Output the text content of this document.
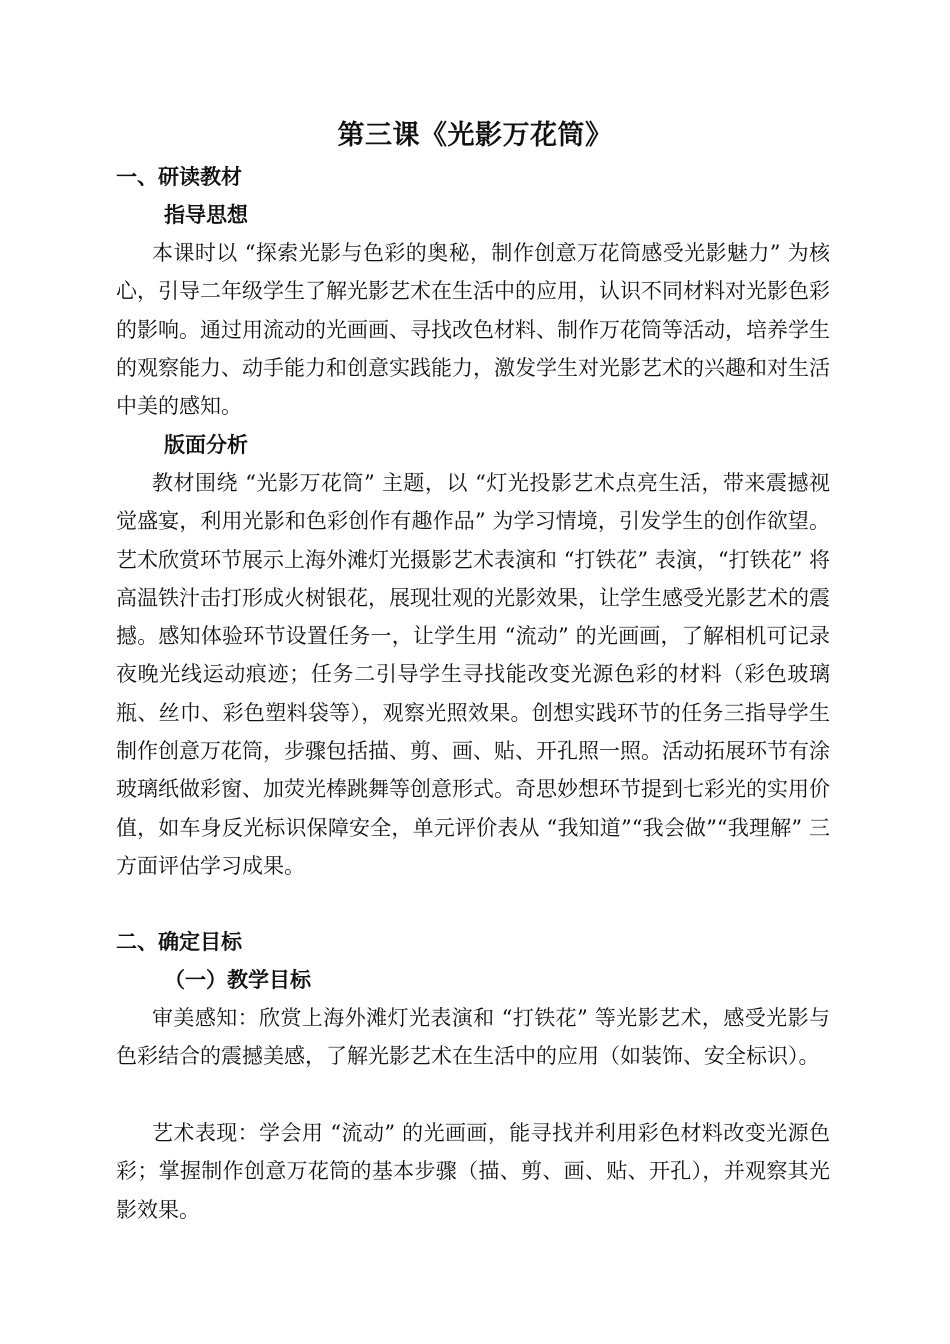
第三课《光影万花筒》
一、研读教材
指导思想

本课时以 “探索光影与色彩的奥秘，制作创意万花筒感受光影魅力” 为核心，引导二年级学生了解光影艺术在生活中的应用，认识不同材料对光影色彩的影响。通过用流动的光画画、寻找改色材料、制作万花筒等活动，培养学生的观察能力、动手能力和创意实践能力，激发学生对光影艺术的兴趣和对生活中美的感知。

版面分析

教材围绕 “光影万花筒” 主题，以 “灯光投影艺术点亮生活，带来震撼视觉盛宴，利用光影和色彩创作有趣作品” 为学习情境，引发学生的创作欲望。艺术欣赏环节展示上海外滩灯光摄影艺术表演和 “打铁花” 表演，“打铁花” 将高温铁汁击打形成火树银花，展现壮观的光影效果，让学生感受光影艺术的震撼。感知体验环节设置任务一，让学生用 “流动” 的光画画，了解相机可记录夜晚光线运动痕迹；任务二引导学生寻找能改变光源色彩的材料（彩色玻璃瓶、丝巾、彩色塑料袋等），观察光照效果。创想实践环节的任务三指导学生制作创意万花筒，步骤包括描、剪、画、贴、开孔照一照。活动拓展环节有涂玻璃纸做彩窗、加荧光棒跳舞等创意形式。奇思妙想环节提到七彩光的实用价值，如车身反光标识保障安全，单元评价表从 “我知道”“我会做”“我理解” 三方面评估学习成果。

二、确定目标
（一）教学目标

审美感知：欣赏上海外滩灯光表演和 “打铁花” 等光影艺术，感受光影与色彩结合的震撼美感，了解光影艺术在生活中的应用（如装饰、安全标识）。

艺术表现：学会用 “流动” 的光画画，能寻找并利用彩色材料改变光源色彩；掌握制作创意万花筒的基本步骤（描、剪、画、贴、开孔），并观察其光影效果。
